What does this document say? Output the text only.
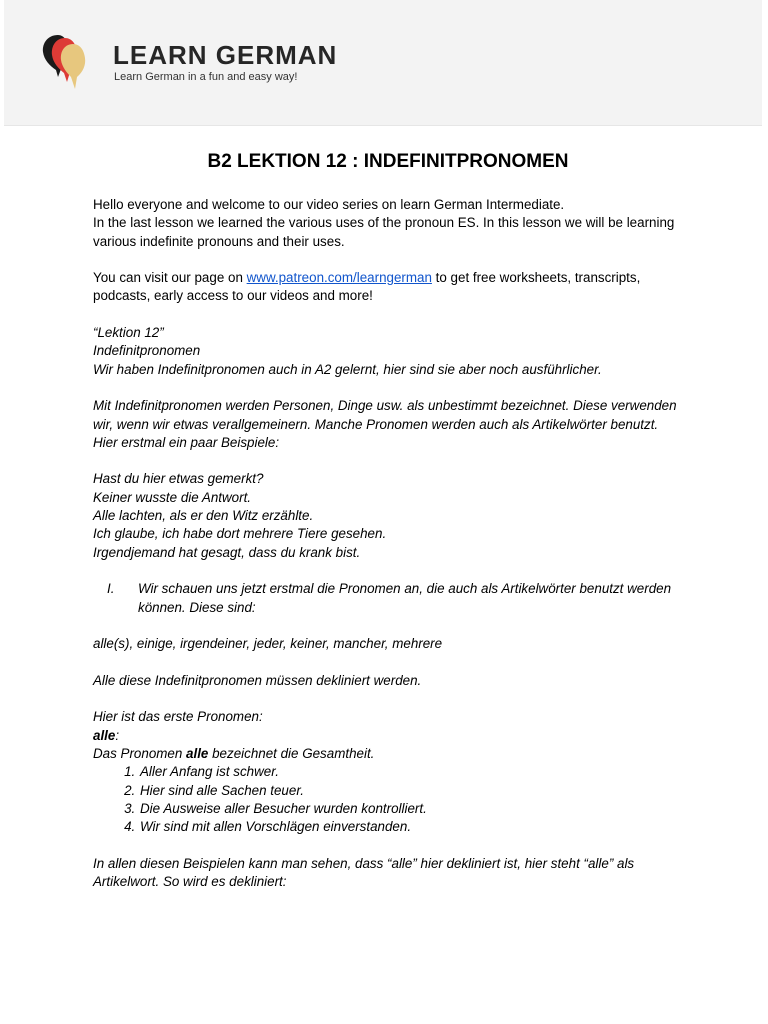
LEARN GERMAN
Learn German in a fun and easy way!
B2 LEKTION 12 : INDEFINITPRONOMEN

Hello everyone and welcome to our video series on learn German Intermediate.

In the last lesson we learned the various uses of the pronoun ES. In this lesson we will be learning various indefinite pronouns and their uses.

You can visit our page on www.patreon.com/learngerman to get free worksheets, transcripts, podcasts, early access to our videos and more!

“Lektion 12”

Indefinitpronomen

Wir haben Indefinitpronomen auch in A2 gelernt, hier sind sie aber noch ausführlicher.

Mit Indefinitpronomen werden Personen, Dinge usw. als unbestimmt bezeichnet. Diese verwenden wir, wenn wir etwas verallgemeinern. Manche Pronomen werden auch als Artikelwörter benutzt. Hier erstmal ein paar Beispiele:

Hast du hier etwas gemerkt?

Keiner wusste die Antwort.

Alle lachten, als er den Witz erzählte.

Ich glaube, ich habe dort mehrere Tiere gesehen.

Irgendjemand hat gesagt, dass du krank bist.

I.	Wir schauen uns jetzt erstmal die Pronomen an, die auch als Artikelwörter benutzt werden können. Diese sind:

alle(s), einige, irgendeiner, jeder, keiner, mancher, mehrere

Alle diese Indefinitpronomen müssen dekliniert werden.

Hier ist das erste Pronomen:

alle:

Das Pronomen alle bezeichnet die Gesamtheit.

1. Aller Anfang ist schwer.
2. Hier sind alle Sachen teuer.
3. Die Ausweise aller Besucher wurden kontrolliert.
4. Wir sind mit allen Vorschlägen einverstanden.

In allen diesen Beispielen kann man sehen, dass “alle” hier dekliniert ist, hier steht “alle” als Artikelwort. So wird es dekliniert:
